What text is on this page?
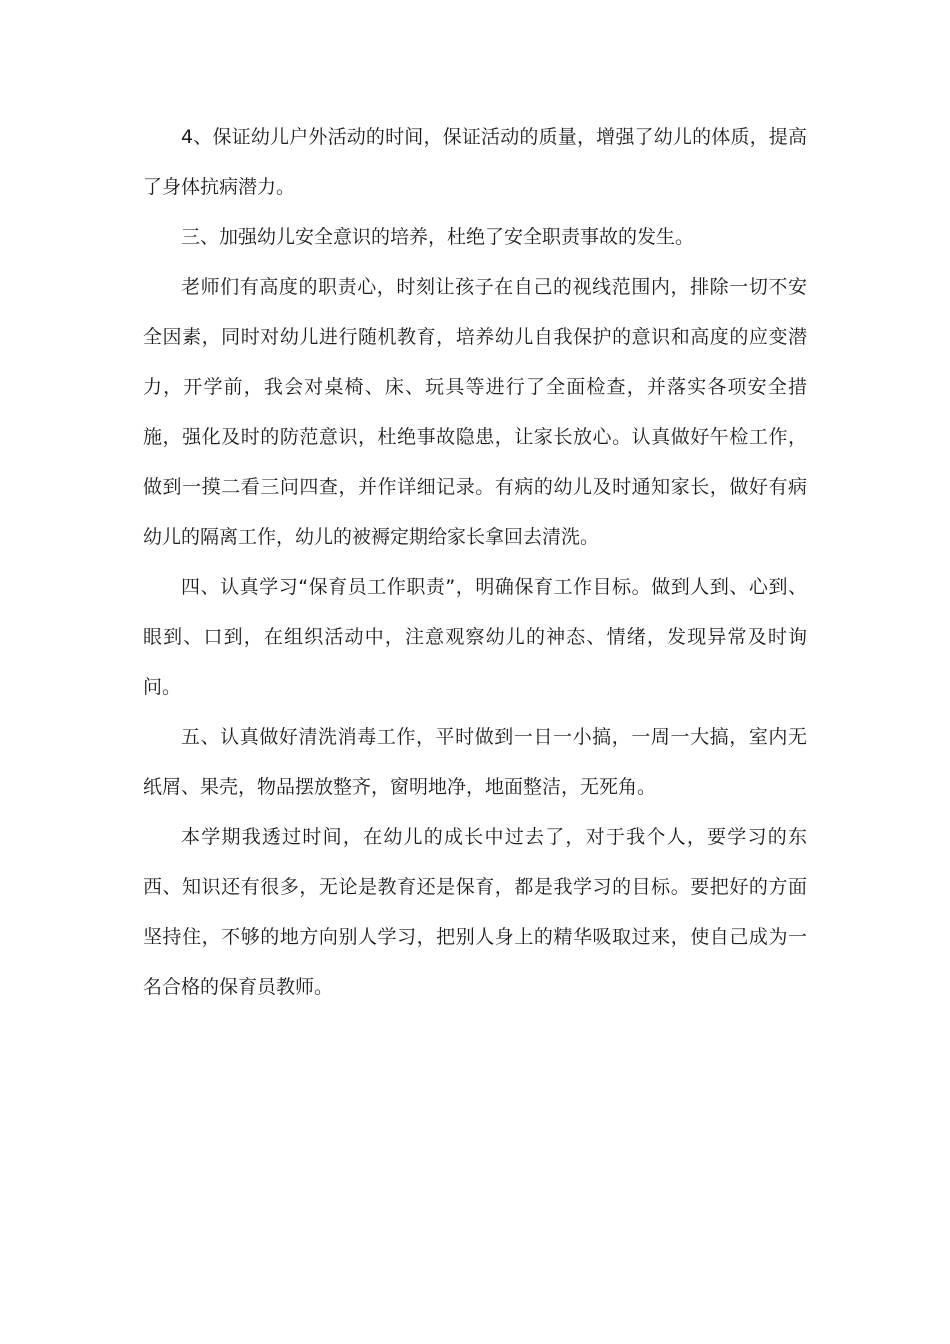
4、保证幼儿户外活动的时间，保证活动的质量，增强了幼儿的体质，提高了身体抗病潜力。

三、加强幼儿安全意识的培养，杜绝了安全职责事故的发生。

老师们有高度的职责心，时刻让孩子在自己的视线范围内，排除一切不安全因素，同时对幼儿进行随机教育，培养幼儿自我保护的意识和高度的应变潜力，开学前，我会对桌椅、床、玩具等进行了全面检查，并落实各项安全措施，强化及时的防范意识，杜绝事故隐患，让家长放心。认真做好午检工作，做到一摸二看三问四查，并作详细记录。有病的幼儿及时通知家长，做好有病幼儿的隔离工作，幼儿的被褥定期给家长拿回去清洗。

四、认真学习“保育员工作职责”，明确保育工作目标。做到人到、心到、眼到、口到，在组织活动中，注意观察幼儿的神态、情绪，发现异常及时询问。

五、认真做好清洗消毒工作，平时做到一日一小搞，一周一大搞，室内无纸屑、果壳，物品摆放整齐，窗明地净，地面整洁，无死角。

本学期我透过时间，在幼儿的成长中过去了，对于我个人，要学习的东西、知识还有很多，无论是教育还是保育，都是我学习的目标。要把好的方面坚持住，不够的地方向别人学习，把别人身上的精华吸取过来，使自己成为一名合格的保育员教师。
